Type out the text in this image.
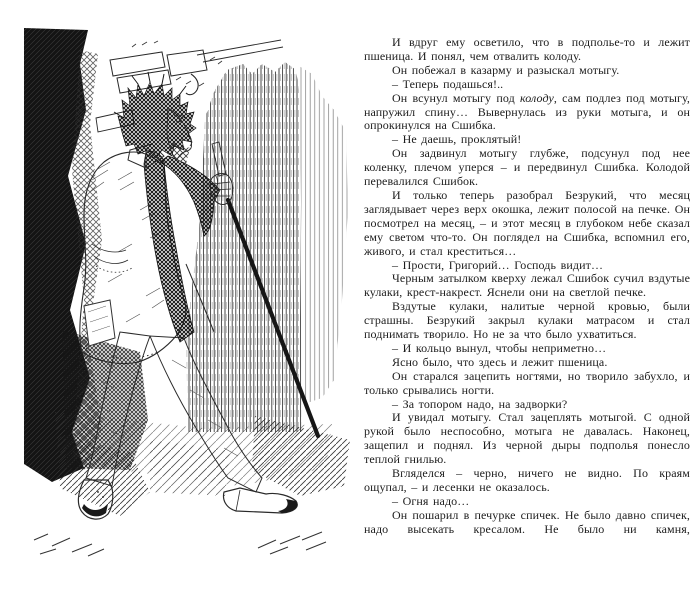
И вдруг ему осветило, что в подполье-то и лежит пшеница. И понял, чем отвалить колоду.

Он побежал в казарму и разыскал мотыгу.

– Теперь подашься!..

Он всунул мотыгу под колоду, сам подлез под мотыгу, напружил спину… Вывернулась из руки мотыга, и он опрокинулся на Сшибка.

– Не даешь, проклятый!

Он задвинул мотыгу глубже, подсунул под нее коленку, плечом уперся – и передвинул Сшибка. Колодой перевалился Сшибок.

И только теперь разобрал Безрукий, что месяц заглядывает через верх окошка, лежит полосой на печке. Он посмотрел на месяц, – и этот месяц в глубоком небе сказал ему светом что-то. Он поглядел на Сшибка, вспомнил его, живого, и стал креститься…

– Прости, Григорий… Господь видит…

Черным затылком кверху лежал Сшибок сучил вздутые кулаки, крест-накрест. Яснели они на светлой печке.

Вздутые кулаки, налитые черной кровью, были страшны. Безрукий закрыл кулаки матрасом и стал поднимать творило. Но не за что было ухватиться.

– И кольцо вынул, чтобы неприметно…

Ясно было, что здесь и лежит пшеница.

Он старался зацепить ногтями, но творило забухло, и только срывались ногти.

– За топором надо, на задворки?

И увидал мотыгу. Стал зацеплять мотыгой. С одной рукой было неспособно, мотыга не давалась. Наконец, защепил и поднял. Из черной дыры подполья понесло теплой гнилью.

Вгляделся – черно, ничего не видно. По краям ощупал, – и лесенки не оказалось.

– Огня надо…

Он пошарил в печурке спичек. Не было давно спичек, надо высекать кресалом. Не было ни камня,
